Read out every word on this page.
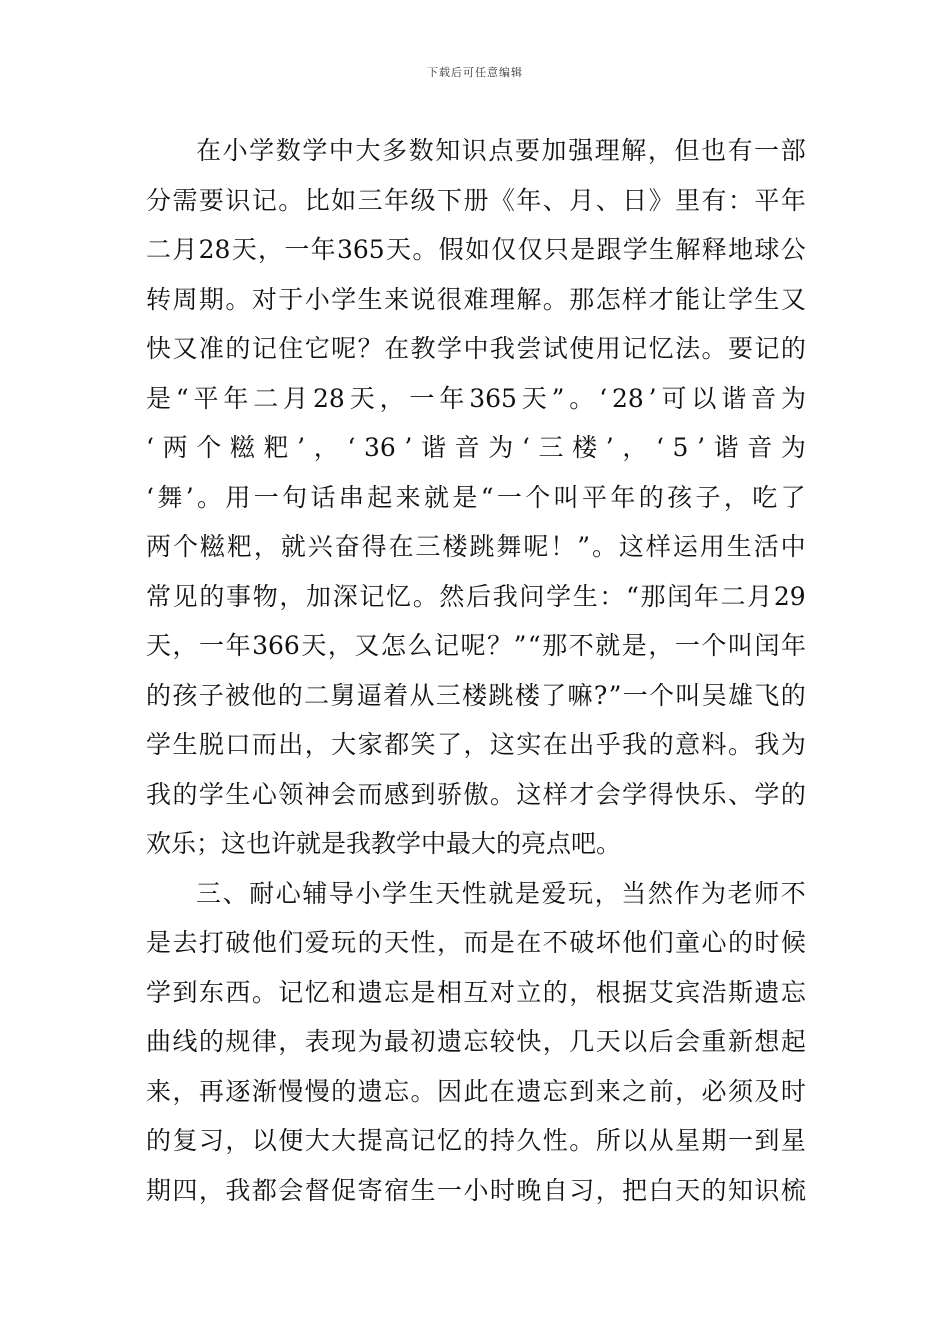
下载后可任意编辑
在 小 学 数 学 中 大 多 数 知 识 点 要 加 强 理 解 ， 但 也 有 一 部
分 需 要 识 记 。 比 如 三 年 级 下 册 《 年 、 月 、 日 》 里 有 ： 平 年
二 月 28 天 ， 一 年 365 天 。 假 如 仅 仅 只 是 跟 学 生 解 释 地 球 公
转 周 期 。 对 于 小 学 生 来 说 很 难 理 解 。 那 怎 样 才 能 让 学 生 又
快 又 准 的 记 住 它 呢 ？ 在 教 学 中 我 尝 试 使 用 记 忆 法 。 要 记 的
是 “ 平 年 二 月 28 天 ， 一 年 365 天 ” 。 ‘ 28 ’ 可 以 谐 音 为
‘ 两 个 糍 粑 ’ ， ‘ 36 ’ 谐 音 为 ‘ 三 楼 ’ ， ‘ 5 ’ 谐 音 为
‘ 舞 ’ 。 用 一 句 话 串 起 来 就 是 “ 一 个 叫 平 年 的 孩 子 ， 吃 了
两 个 糍 粑 ， 就 兴 奋 得 在 三 楼 跳 舞 呢 ！ ” 。 这 样 运 用 生 活 中
常 见 的 事 物 ， 加 深 记 忆 。 然 后 我 问 学 生 ： “ 那 闰 年 二 月 29
天 ， 一 年 366 天 ， 又 怎 么 记 呢 ？ ” “ 那 不 就 是 ， 一 个 叫 闰 年
的 孩 子 被 他 的 二 舅 逼 着 从 三 楼 跳 楼 了 嘛 ? ” 一 个 叫 吴 雄 飞 的
学 生 脱 口 而 出 ， 大 家 都 笑 了 ， 这 实 在 出 乎 我 的 意 料 。 我 为
我 的 学 生 心 领 神 会 而 感 到 骄 傲 。 这 样 才 会 学 得 快 乐 、 学 的
欢乐；这也许就是我教学中最大的亮点吧。
三 、 耐 心 辅 导 小 学 生 天 性 就 是 爱 玩 ， 当 然 作 为 老 师 不
是 去 打 破 他 们 爱 玩 的 天 性 ， 而 是 在 不 破 坏 他 们 童 心 的 时 候
学 到 东 西 。 记 忆 和 遗 忘 是 相 互 对 立 的 ， 根 据 艾 宾 浩 斯 遗 忘
曲 线 的 规 律 ， 表 现 为 最 初 遗 忘 较 快 ， 几 天 以 后 会 重 新 想 起
来 ， 再 逐 渐 慢 慢 的 遗 忘 。 因 此 在 遗 忘 到 来 之 前 ， 必 须 及 时
的 复 习 ， 以 便 大 大 提 高 记 忆 的 持 久 性 。 所 以 从 星 期 一 到 星
期 四 ， 我 都 会 督 促 寄 宿 生 一 小 时 晚 自 习 ， 把 白 天 的 知 识 梳
